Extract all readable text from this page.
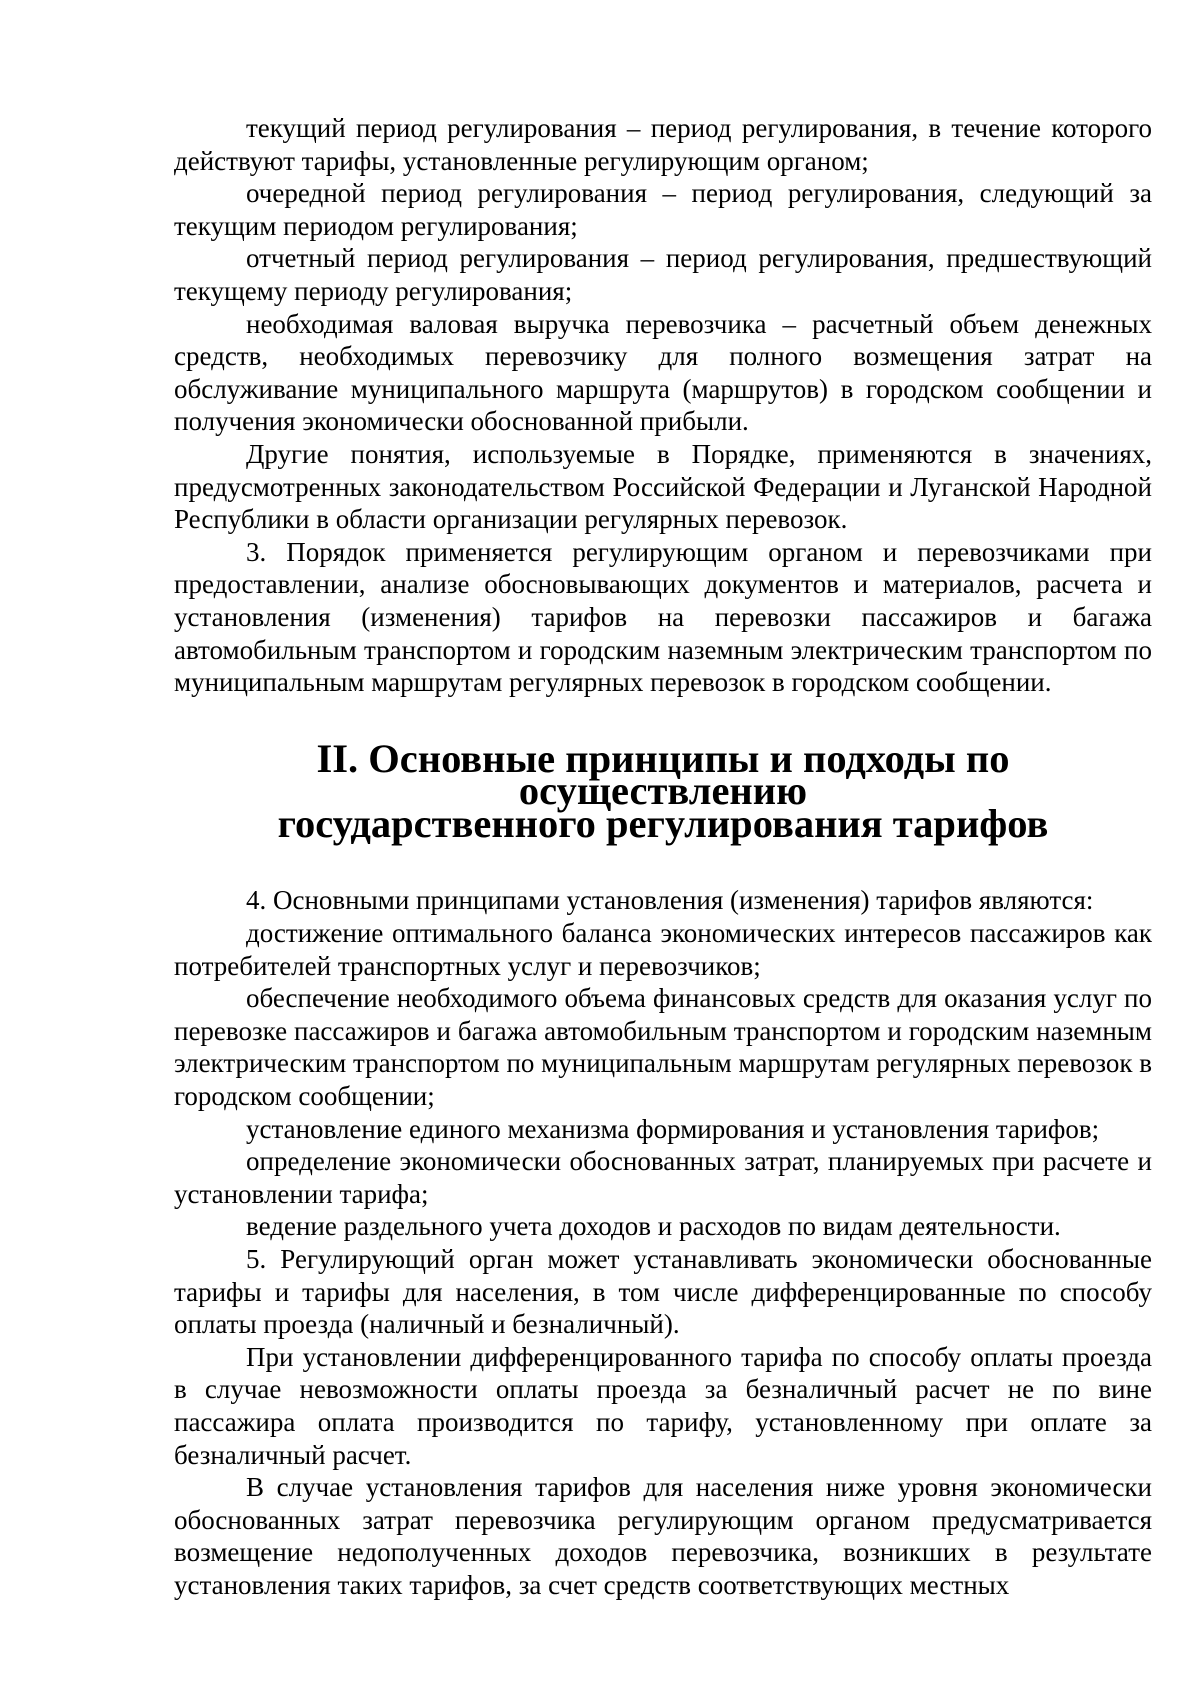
текущий период регулирования – период регулирования, в течение которого действуют тарифы, установленные регулирующим органом;

очередной период регулирования – период регулирования, следующий за текущим периодом регулирования;

отчетный период регулирования – период регулирования, предшествующий текущему периоду регулирования;

необходимая валовая выручка перевозчика – расчетный объем денежных средств, необходимых перевозчику для полного возмещения затрат на обслуживание муниципального маршрута (маршрутов) в городском сообщении и получения экономически обоснованной прибыли.

Другие понятия, используемые в Порядке, применяются в значениях, предусмотренных законодательством Российской Федерации и Луганской Народной Республики в области организации регулярных перевозок.

3. Порядок применяется регулирующим органом и перевозчиками при предоставлении, анализе обосновывающих документов и материалов, расчета и установления (изменения) тарифов на перевозки пассажиров и багажа автомобильным транспортом и городским наземным электрическим транспортом по муниципальным маршрутам регулярных перевозок в городском сообщении.

II. Основные принципы и подходы по осуществлению
государственного регулирования тарифов

4. Основными принципами установления (изменения) тарифов являются:

достижение оптимального баланса экономических интересов пассажиров как потребителей транспортных услуг и перевозчиков;

обеспечение необходимого объема финансовых средств для оказания услуг по перевозке пассажиров и багажа автомобильным транспортом и городским наземным электрическим транспортом по муниципальным маршрутам регулярных перевозок в городском сообщении;

установление единого механизма формирования и установления тарифов;

определение экономически обоснованных затрат, планируемых при расчете и установлении тарифа;

ведение раздельного учета доходов и расходов по видам деятельности.

5. Регулирующий орган может устанавливать экономически обоснованные тарифы и тарифы для населения, в том числе дифференцированные по способу оплаты проезда (наличный и безналичный).

При установлении дифференцированного тарифа по способу оплаты проезда в случае невозможности оплаты проезда за безналичный расчет не по вине пассажира оплата производится по тарифу, установленному при оплате за безналичный расчет.

В случае установления тарифов для населения ниже уровня экономически обоснованных затрат перевозчика регулирующим органом предусматривается возмещение недополученных доходов перевозчика, возникших в результате установления таких тарифов, за счет средств соответствующих местных
